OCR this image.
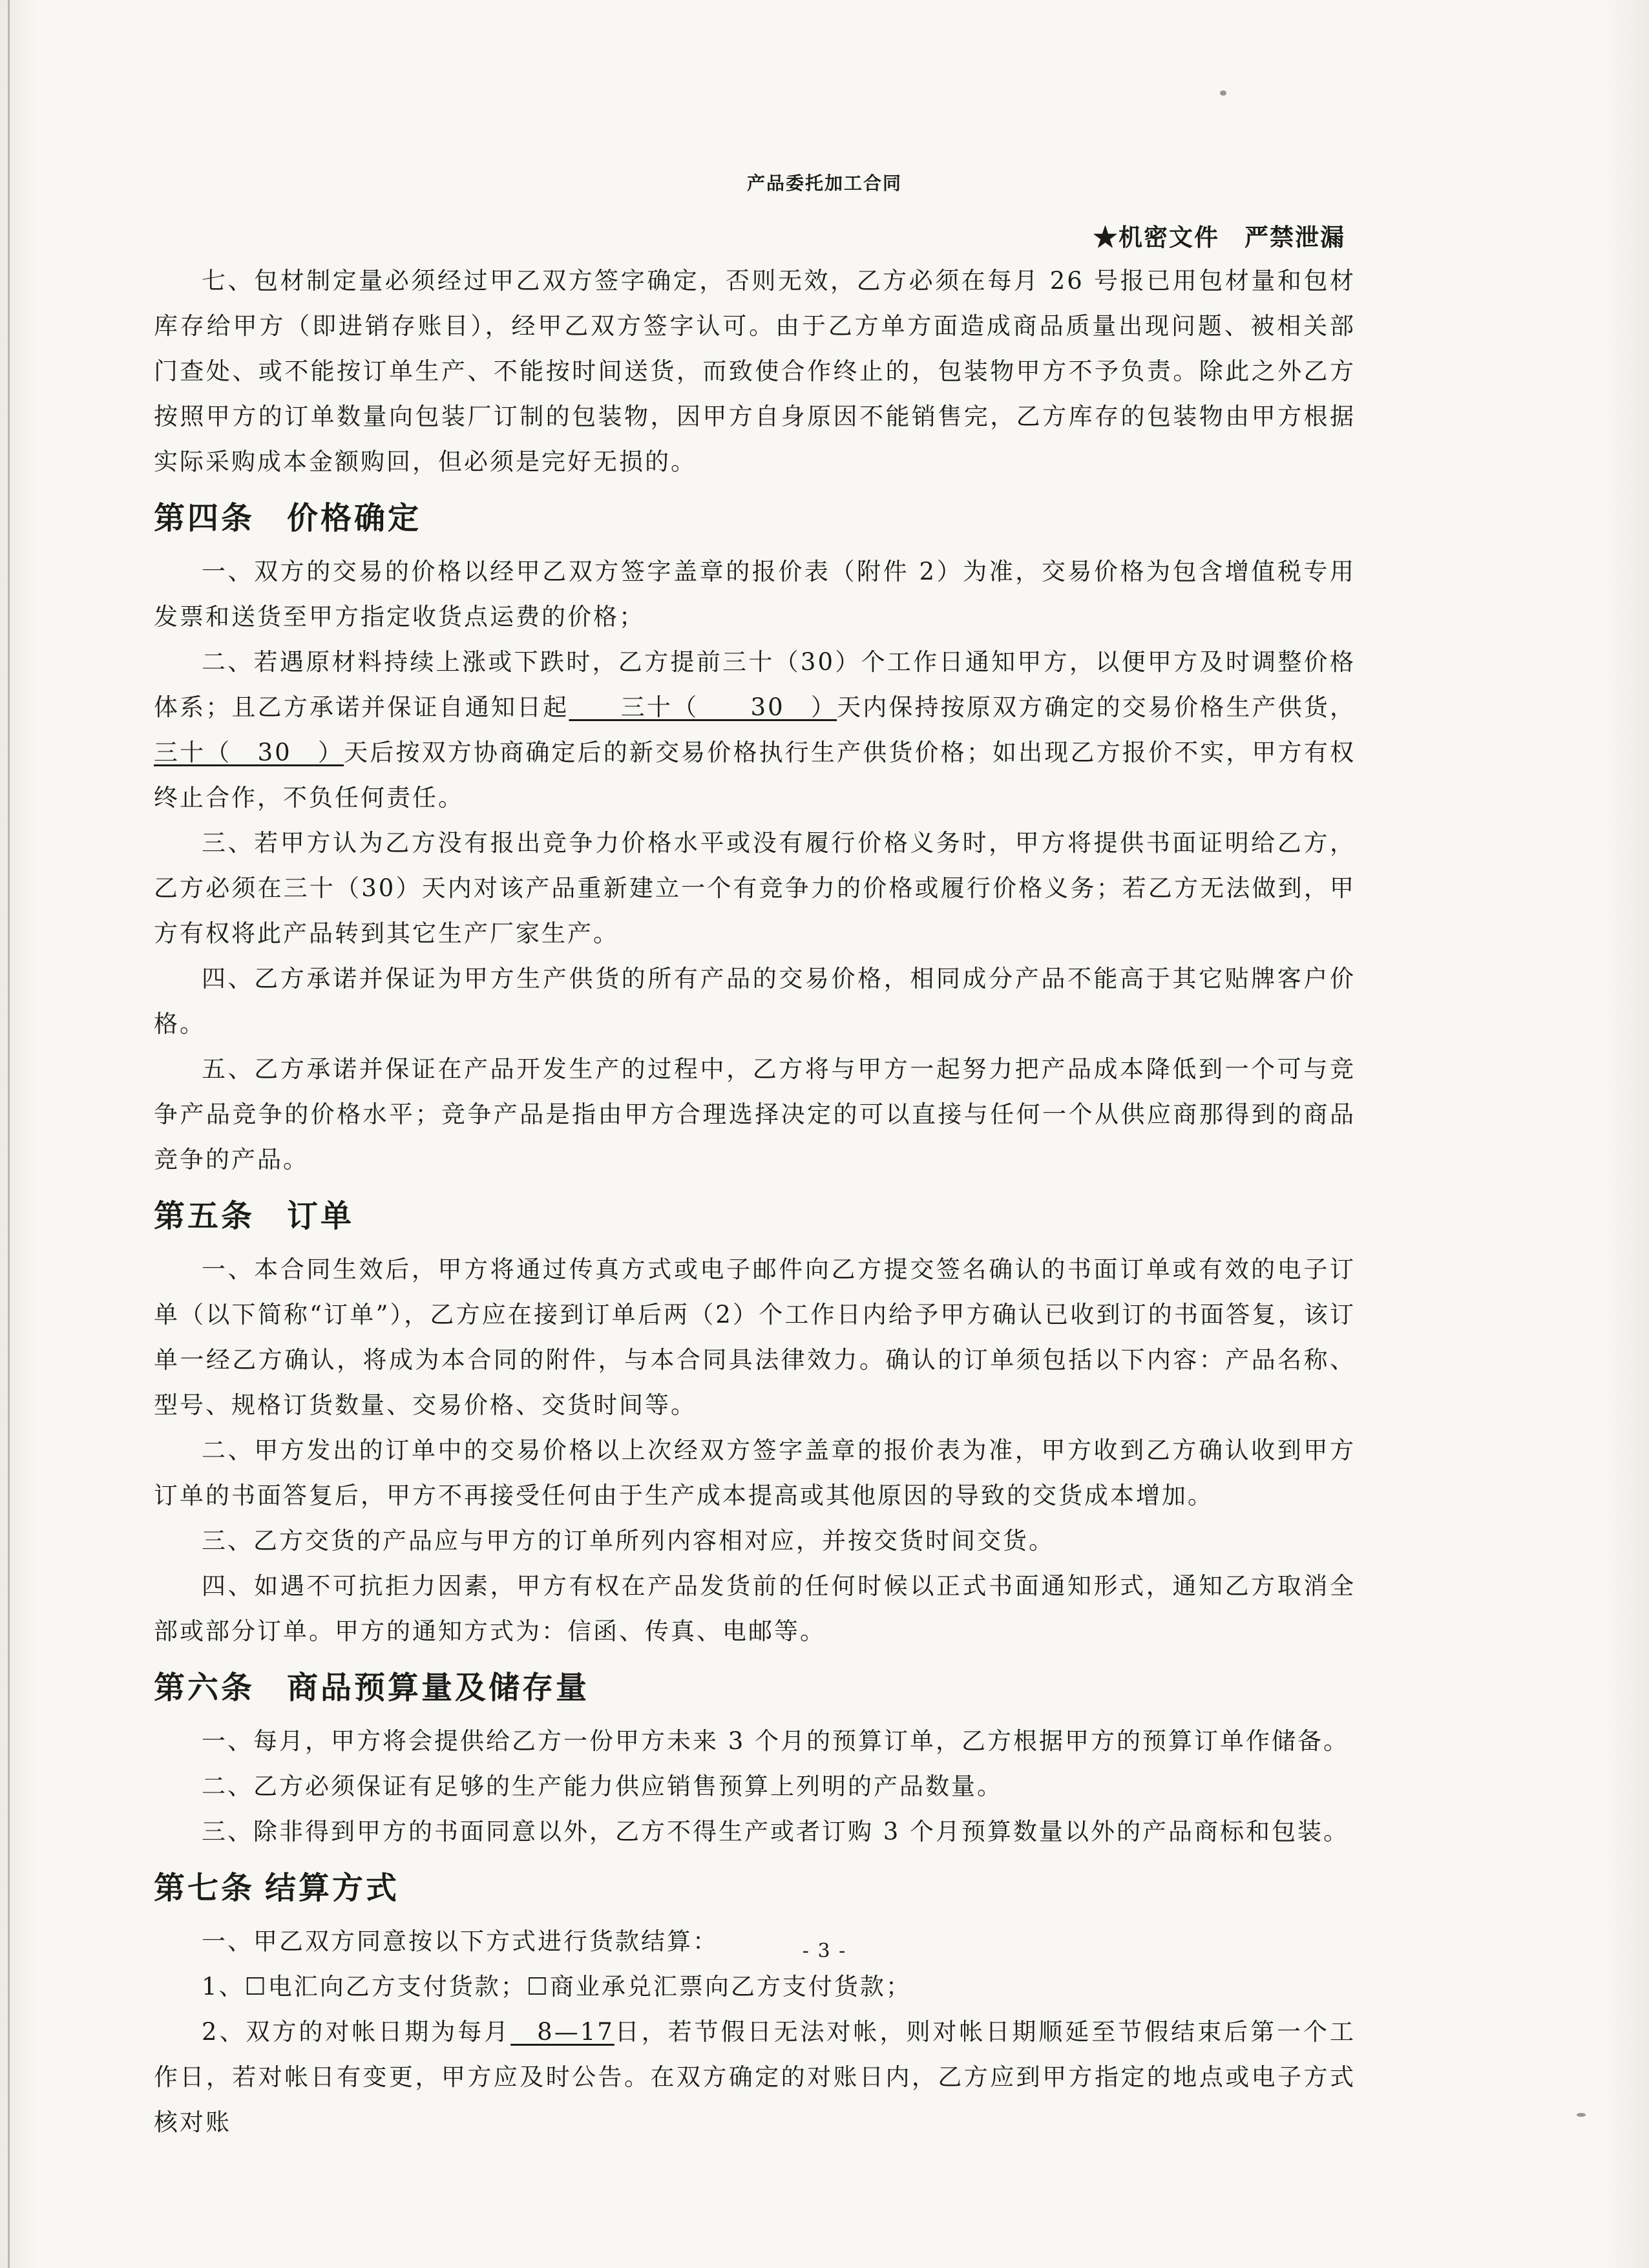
产品委托加工合同
★机密文件　严禁泄漏

七、包材制定量必须经过甲乙双方签字确定，否则无效，乙方必须在每月 26 号报已用包材量和包材库存给甲方（即进销存账目），经甲乙双方签字认可。由于乙方单方面造成商品质量出现问题、被相关部门查处、或不能按订单生产、不能按时间送货，而致使合作终止的，包装物甲方不予负责。除此之外乙方按照甲方的订单数量向包装厂订制的包装物，因甲方自身原因不能销售完，乙方库存的包装物由甲方根据实际采购成本金额购回，但必须是完好无损的。

第四条 价格确定

一、双方的交易的价格以经甲乙双方签字盖章的报价表（附件 2）为准，交易价格为包含增值税专用发票和送货至甲方指定收货点运费的价格；

二、若遇原材料持续上涨或下跌时，乙方提前三十（30）个工作日通知甲方，以便甲方及时调整价格体系；且乙方承诺并保证自通知日起　　三十（　　30　）天内保持按原双方确定的交易价格生产供货，三十（　30　）天后按双方协商确定后的新交易价格执行生产供货价格；如出现乙方报价不实，甲方有权终止合作，不负任何责任。

三、若甲方认为乙方没有报出竞争力价格水平或没有履行价格义务时，甲方将提供书面证明给乙方，乙方必须在三十（30）天内对该产品重新建立一个有竞争力的价格或履行价格义务；若乙方无法做到，甲方有权将此产品转到其它生产厂家生产。

四、乙方承诺并保证为甲方生产供货的所有产品的交易价格，相同成分产品不能高于其它贴牌客户价格。

五、乙方承诺并保证在产品开发生产的过程中，乙方将与甲方一起努力把产品成本降低到一个可与竞争产品竞争的价格水平；竞争产品是指由甲方合理选择决定的可以直接与任何一个从供应商那得到的商品竞争的产品。

第五条 订单

一、本合同生效后，甲方将通过传真方式或电子邮件向乙方提交签名确认的书面订单或有效的电子订单（以下简称“订单”），乙方应在接到订单后两（2）个工作日内给予甲方确认已收到订的书面答复，该订单一经乙方确认，将成为本合同的附件，与本合同具法律效力。确认的订单须包括以下内容：产品名称、型号、规格订货数量、交易价格、交货时间等。

二、甲方发出的订单中的交易价格以上次经双方签字盖章的报价表为准，甲方收到乙方确认收到甲方订单的书面答复后，甲方不再接受任何由于生产成本提高或其他原因的导致的交货成本增加。

三、乙方交货的产品应与甲方的订单所列内容相对应，并按交货时间交货。

四、如遇不可抗拒力因素，甲方有权在产品发货前的任何时候以正式书面通知形式，通知乙方取消全部或部分订单。甲方的通知方式为：信函、传真、电邮等。

第六条 商品预算量及储存量

一、每月，甲方将会提供给乙方一份甲方未来 3 个月的预算订单，乙方根据甲方的预算订单作储备。

二、乙方必须保证有足够的生产能力供应销售预算上列明的产品数量。

三、除非得到甲方的书面同意以外，乙方不得生产或者订购 3 个月预算数量以外的产品商标和包装。

第七条 结算方式

一、甲乙双方同意按以下方式进行货款结算：

1、☐电汇向乙方支付货款；☐商业承兑汇票向乙方支付货款；

2、双方的对帐日期为每月　8—17日，若节假日无法对帐，则对帐日期顺延至节假结束后第一个工作日，若对帐日有变更，甲方应及时公告。在双方确定的对账日内，乙方应到甲方指定的地点或电子方式核对账

- 3 -
